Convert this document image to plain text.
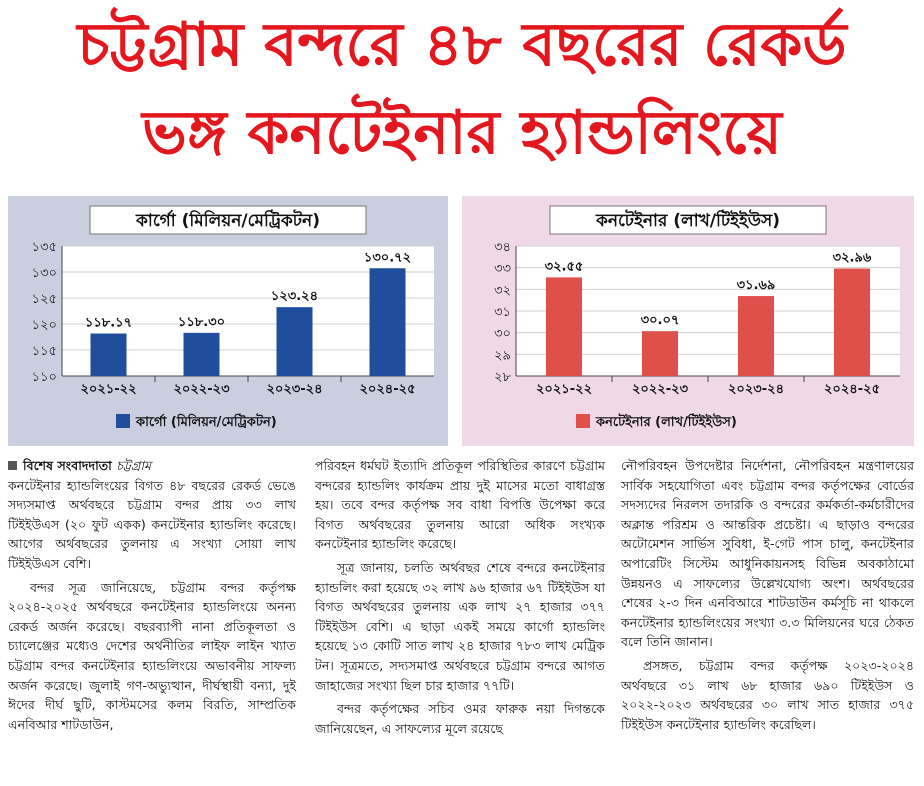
চট্টগ্রাম বন্দরে ৪৮ বছরের রেকর্ড
ভঙ্গ কনটেইনার হ্যান্ডলিংয়ে
কার্গো (মিলিয়ন/মেট্রিকটন)
১১০
১১৫
১২০
১২৫
১৩০
১৩৫
১১৮.১৭
২০২১-২২
১১৮.৩০
২০২২-২৩
১২৩.২৪
২০২৩-২৪
১৩০.৭২
২০২৪-২৫
কার্গো (মিলিয়ন/মেট্রিকটন)
কনটেইনার (লাখ/টিইইউস)
২৮
২৯
৩০
৩১
৩২
৩৩
৩৪
৩২.৫৫
২০২১-২২
৩০.০৭
২০২২-২৩
৩১.৬৯
২০২৩-২৪
৩২.৯৬
২০২৪-২৫
কনটেইনার (লাখ/টিইইউস)

বিশেষ সংবাদদাতা চট্টগ্রাম

কনটেইনার হ্যান্ডলিংয়ের বিগত ৪৮ বছরের রেকর্ড ভেঙে সদ্যসমাপ্ত অর্থবছরে চট্টগ্রাম বন্দর প্রায় ৩৩ লাখ টিইইউএস (২০ ফুট একক) কনটেইনার হ্যান্ডলিং করেছে। আগের অর্থবছরের তুলনায় এ সংখ্যা সোয়া লাখ টিইইউএস বেশি।

বন্দর সূত্র জানিয়েছে, চট্টগ্রাম বন্দর কর্তৃপক্ষ ২০২৪-২০২৫ অর্থবছরে কনটেইনার হ্যান্ডলিংয়ে অনন্য রেকর্ড অর্জন করেছে। বছরব্যাপী নানা প্রতিকূলতা ও চ্যালেঞ্জের মধ্যেও দেশের অর্থনীতির লাইফ লাইন খ্যাত চট্টগ্রাম বন্দর কনটেইনার হ্যান্ডলিংয়ে অভাবনীয় সাফল্য অর্জন করেছে। জুলাই গণ-অভ্যুত্থান, দীর্ঘস্থায়ী বন্যা, দুই ঈদের দীর্ঘ ছুটি, কাস্টমসের কলম বিরতি, সাম্প্রতিক এনবিআর শাটডাউন,

পরিবহন ধর্মঘট ইত্যাদি প্রতিকূল পরিস্থিতির কারণে চট্টগ্রাম বন্দরের হ্যান্ডলিং কার্যক্রম প্রায় দুই মাসের মতো বাধাগ্রস্ত হয়। তবে বন্দর কর্তৃপক্ষ সব বাধা বিপত্তি উপেক্ষা করে বিগত অর্থবছরের তুলনায় আরো অধিক সংখ্যক কনটেইনার হ্যান্ডলিং করেছে।

সূত্র জানায়, চলতি অর্থবছর শেষে বন্দরে কনটেইনার হ্যান্ডলিং করা হয়েছে ৩২ লাখ ৯৬ হাজার ৬৭ টিইইউস যা বিগত অর্থবছরের তুলনায় এক লাখ ২৭ হাজার ৩৭৭ টিইইউস বেশি। এ ছাড়া একই সময়ে কার্গো হ্যান্ডলিং হয়েছে ১৩ কোটি সাত লাখ ২৪ হাজার ৭৮৩ লাখ মেট্রিক টন। সূত্রমতে, সদ্যসমাপ্ত অর্থবছরে চট্টগ্রাম বন্দরে আগত জাহাজের সংখ্যা ছিল চার হাজার ৭৭টি।

বন্দর কর্তৃপক্ষের সচিব ওমর ফারুক নয়া দিগন্তকে জানিয়েছেন, এ সাফল্যের মূলে রয়েছে

নৌপরিবহন উপদেষ্টার নির্দেশনা, নৌপরিবহন মন্ত্রণালয়ের সার্বিক সহযোগিতা এবং চট্টগ্রাম বন্দর কর্তৃপক্ষের বোর্ডের সদস্যদের নিরলস তদারকি ও বন্দরের কর্মকর্তা-কর্মচারীদের অক্লান্ত পরিশ্রম ও আন্তরিক প্রচেষ্টা। এ ছাড়াও বন্দরের অটোমেশন সার্ভিস সুবিধা, ই-গেট পাস চালু, কনটেইনার অপারেটিং সিস্টেম আধুনিকায়নসহ বিভিন্ন অবকাঠামো উন্নয়নও এ সাফল্যের উল্লেখযোগ্য অংশ। অর্থবছরের শেষের ২-৩ দিন এনবিআরে শাটডাউন কর্মসূচি না থাকলে কনটেইনার হ্যান্ডলিংয়ের সংখ্যা ৩.৩ মিলিয়নের ঘরে ঠেকত বলে তিনি জানান।

প্রসঙ্গত, চট্টগ্রাম বন্দর কর্তৃপক্ষ ২০২৩-২০২৪ অর্থবছরে ৩১ লাখ ৬৮ হাজার ৬৯০ টিইইউস ও ২০২২-২০২৩ অর্থবছরের ৩০ লাখ সাত হাজার ৩৭৫ টিইইউস কনটেইনার হ্যান্ডলিং করেছিল।
